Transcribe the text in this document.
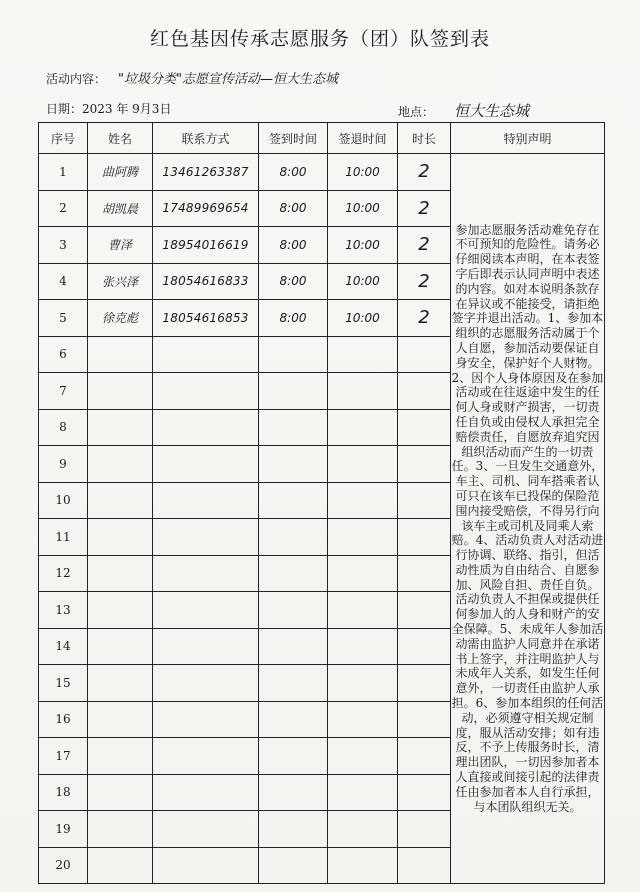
红色基因传承志愿服务（团）队签到表
活动内容： "垃圾分类"志愿宣传活动—恒大生态城
日期：2023 年 9月3日	地点： 恒大生态城
序号	姓名	联系方式	签到时间	签退时间	时长	特别声明
1	曲阿腾	13461263387	8:00	10:00	2	参加志愿服务活动难免存在不可预知的危险性。请务必仔细阅读本声明，在本表签字后即表示认同声明中表述的内容。如对本说明条款存在异议或不能接受，请拒绝签字并退出活动。1、参加本组织的志愿服务活动属于个人自愿，参加活动要保证自身安全，保护好个人财物。2、因个人身体原因及在参加活动或在往返途中发生的任何人身或财产损害，一切责任自负或由侵权人承担完全赔偿责任，自愿放弃追究因组织活动而产生的一切责任。3、一旦发生交通意外，车主、司机、同车搭乘者认可只在该车已投保的保险范围内接受赔偿，不得另行向该车主或司机及同乘人索赔。4、活动负责人对活动进行协调、联络、指引，但活动性质为自由结合、自愿参加、风险自担、责任自负。活动负责人不担保或提供任何参加人的人身和财产的安全保障。5、未成年人参加活动需由监护人同意并在承诺书上签字，并注明监护人与未成年人关系，如发生任何意外，一切责任由监护人承担。6、参加本组织的任何活动，必须遵守相关规定制度，服从活动安排；如有违反，不予上传服务时长，清理出团队，一切因参加者本人直接或间接引起的法律责任由参加者本人自行承担，与本团队组织无关。
2	胡凯晨	17489969654	8:00	10:00	2	
3	曹泽	18954016619	8:00	10:00	2	
4	张兴泽	18054616833	8:00	10:00	2	
5	徐克彪	18054616853	8:00	10:00	2	
6						
7						
8						
9						
10						
11						
12						
13						
14						
15						
16						
17						
18						
19						
20						
